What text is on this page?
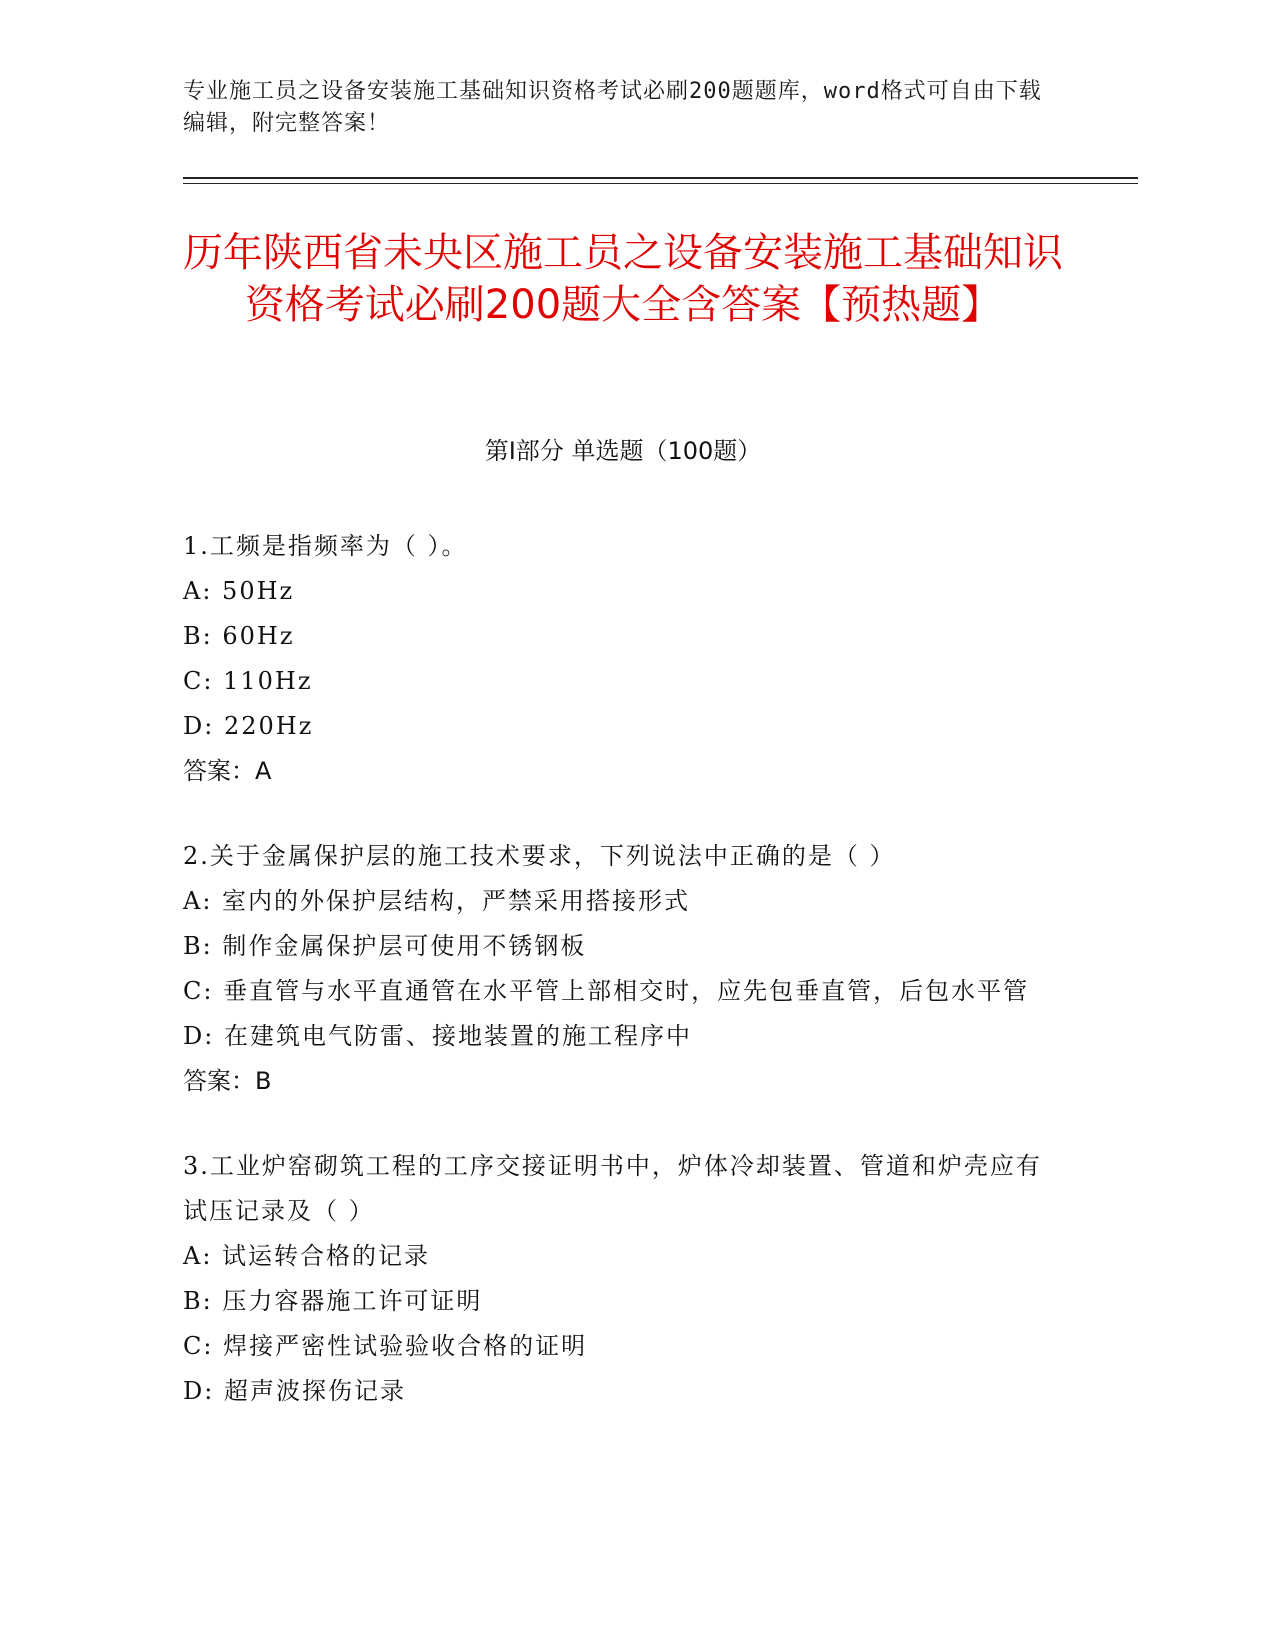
专业施工员之设备安装施工基础知识资格考试必刷200题题库，word格式可自由下载编辑，附完整答案！
历年陕西省未央区施工员之设备安装施工基础知识资格考试必刷200题大全含答案【预热题】
第I部分 单选题（100题）
1.工频是指频率为（ ）。
A: 50Hz
B: 60Hz
C: 110Hz
D: 220Hz
答案：A
2.关于金属保护层的施工技术要求，下列说法中正确的是（ ）
A: 室内的外保护层结构，严禁采用搭接形式
B: 制作金属保护层可使用不锈钢板
C: 垂直管与水平直通管在水平管上部相交时，应先包垂直管，后包水平管
D: 在建筑电气防雷、接地装置的施工程序中
答案：B
3.工业炉窑砌筑工程的工序交接证明书中，炉体冷却装置、管道和炉壳应有试压记录及（ ）
A: 试运转合格的记录
B: 压力容器施工许可证明
C: 焊接严密性试验验收合格的证明
D: 超声波探伤记录
